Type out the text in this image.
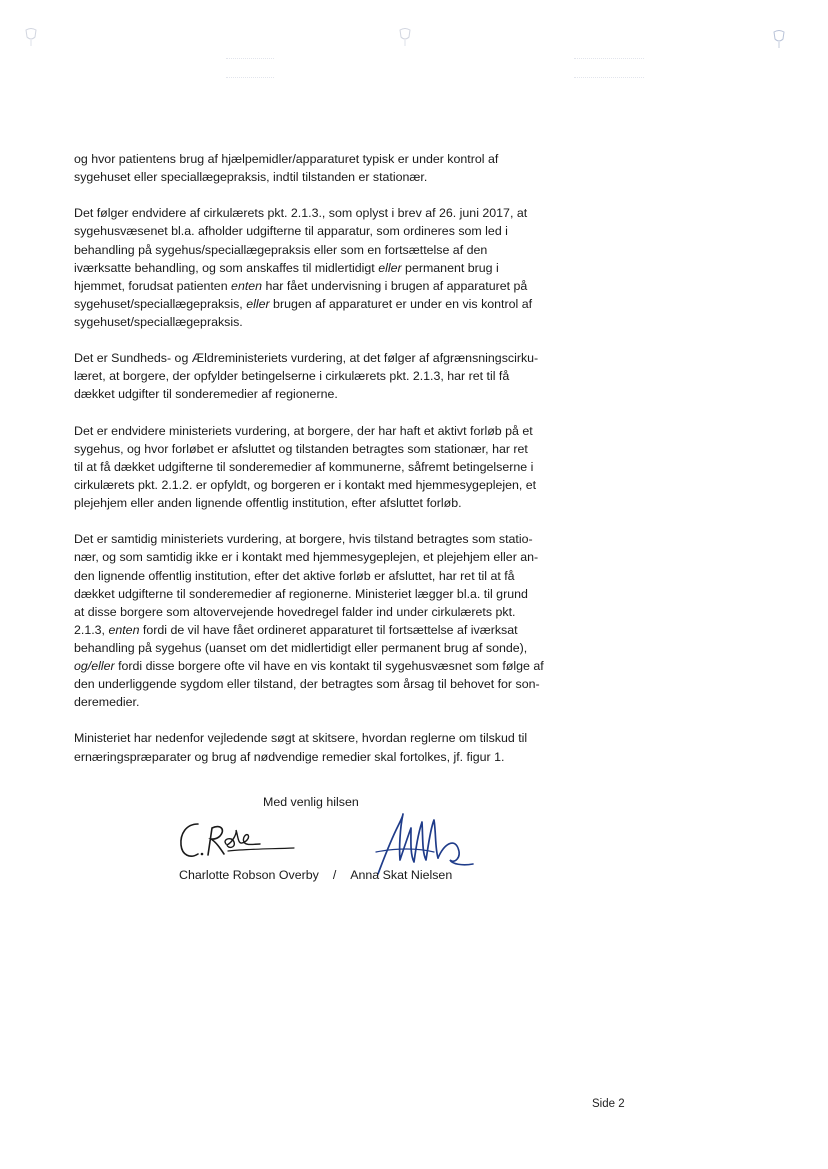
og hvor patientens brug af hjælpemidler/apparaturet typisk er under kontrol af
sygehuset eller speciallægepraksis, indtil tilstanden er stationær.

Det følger endvidere af cirkulærets pkt. 2.1.3., som oplyst i brev af 26. juni 2017, at
sygehusvæsenet bl.a. afholder udgifterne til apparatur, som ordineres som led i
behandling på sygehus/speciallægepraksis eller som en fortsættelse af den
iværksatte behandling, og som anskaffes til midlertidigt eller permanent brug i
hjemmet, forudsat patienten enten har fået undervisning i brugen af apparaturet på
sygehuset/speciallægepraksis, eller brugen af apparaturet er under en vis kontrol af
sygehuset/speciallægepraksis.

Det er Sundheds- og Ældreministeriets vurdering, at det følger af afgrænsningscirku-
læret, at borgere, der opfylder betingelserne i cirkulærets pkt. 2.1.3, har ret til få
dækket udgifter til sonderemedier af regionerne.

Det er endvidere ministeriets vurdering, at borgere, der har haft et aktivt forløb på et
sygehus, og hvor forløbet er afsluttet og tilstanden betragtes som stationær, har ret
til at få dækket udgifterne til sonderemedier af kommunerne, såfremt betingelserne i
cirkulærets pkt. 2.1.2. er opfyldt, og borgeren er i kontakt med hjemmesygeplejen, et
plejehjem eller anden lignende offentlig institution, efter afsluttet forløb.

Det er samtidig ministeriets vurdering, at borgere, hvis tilstand betragtes som statio-
nær, og som samtidig ikke er i kontakt med hjemmesygeplejen, et plejehjem eller an-
den lignende offentlig institution, efter det aktive forløb er afsluttet, har ret til at få
dækket udgifterne til sonderemedier af regionerne. Ministeriet lægger bl.a. til grund
at disse borgere som altovervejende hovedregel falder ind under cirkulærets pkt.
2.1.3, enten fordi de vil have fået ordineret apparaturet til fortsættelse af iværksat
behandling på sygehus (uanset om det midlertidigt eller permanent brug af sonde),
og/eller fordi disse borgere ofte vil have en vis kontakt til sygehusvæsnet som følge af
den underliggende sygdom eller tilstand, der betragtes som årsag til behovet for son-
deremedier.

Ministeriet har nedenfor vejledende søgt at skitsere, hvordan reglerne om tilskud til
ernæringspræparater og brug af nødvendige remedier skal fortolkes, jf. figur 1.

Med venlig hilsen
Charlotte Robson Overby / Anna Skat Nielsen
Side 2
